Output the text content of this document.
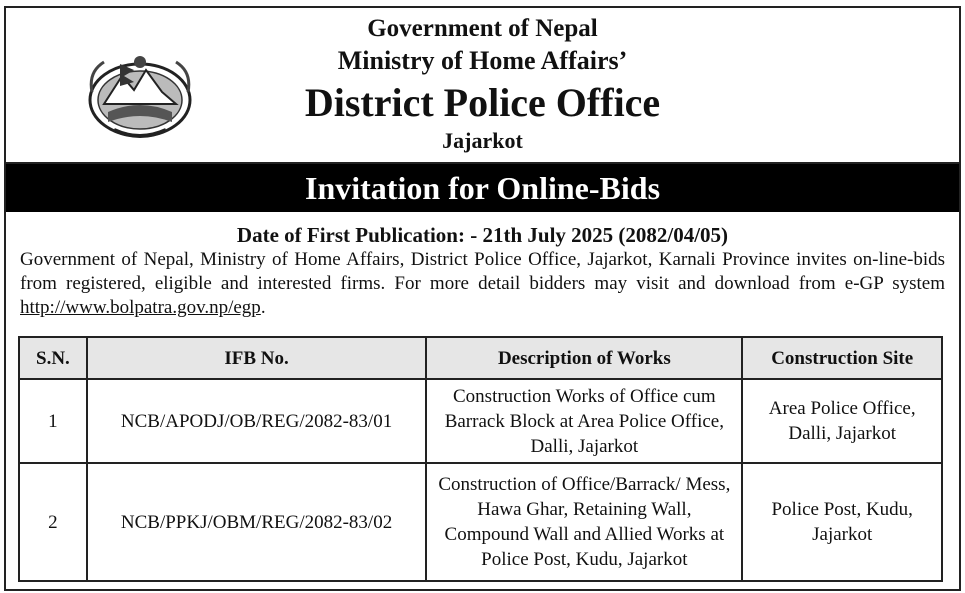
Government of Nepal
Ministry of Home Affairs’
District Police Office
Jajarkot
Invitation for Online-Bids
Date of First Publication: - 21th July 2025 (2082/04/05)

Government of Nepal, Ministry of Home Affairs, District Police Office, Jajarkot, Karnali Province invites on-line-bids from registered, eligible and interested firms. For more detail bidders may visit and download from e-GP system http://www.bolpatra.gov.np/egp.

S.N.	IFB No.	Description of Works	Construction Site
1	NCB/APODJ/OB/REG/2082-83/01	Construction Works of Office cum Barrack Block at Area Police Office, Dalli, Jajarkot	Area Police Office, Dalli, Jajarkot
2	NCB/PPKJ/OBM/REG/2082-83/02	Construction of Office/Barrack/ Mess, Hawa Ghar, Retaining Wall, Compound Wall and Allied Works at Police Post, Kudu, Jajarkot	Police Post, Kudu, Jajarkot
